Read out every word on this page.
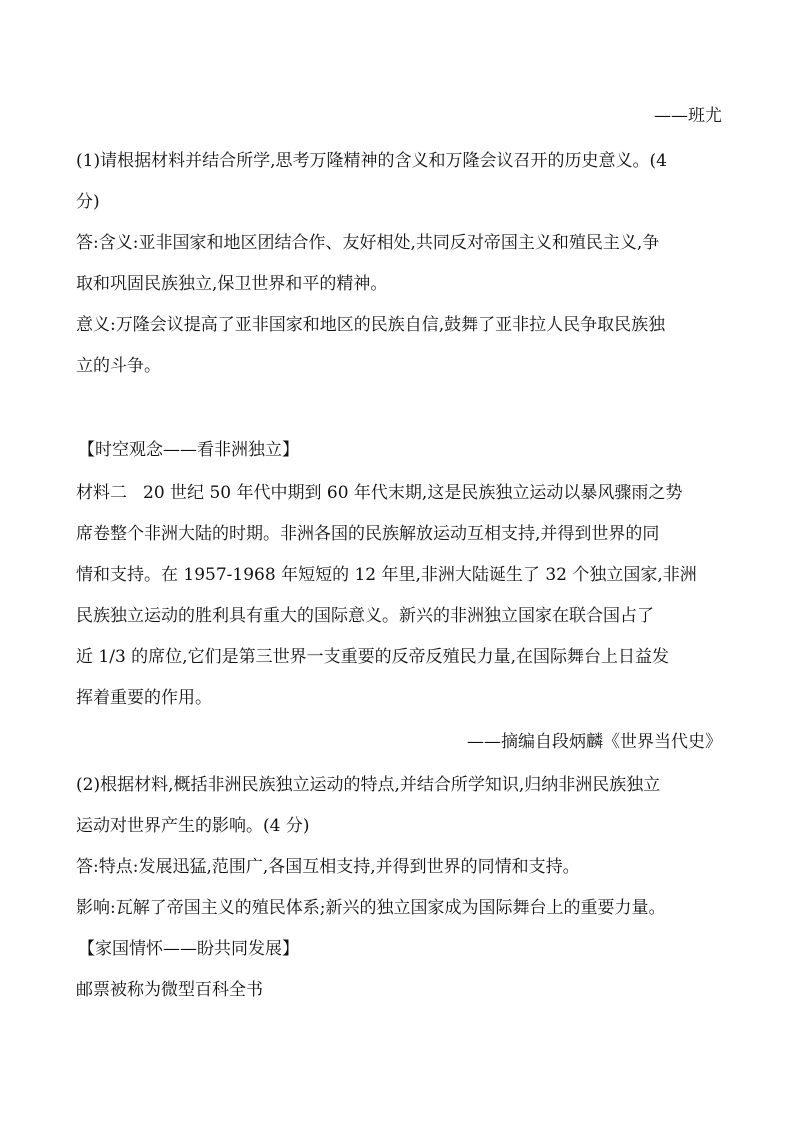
——班尤
(1)请根据材料并结合所学,思考万隆精神的含义和万隆会议召开的历史意义。(4
分)
答:含义:亚非国家和地区团结合作、友好相处,共同反对帝国主义和殖民主义,争
取和巩固民族独立,保卫世界和平的精神。
意义:万隆会议提高了亚非国家和地区的民族自信,鼓舞了亚非拉人民争取民族独
立的斗争。
【时空观念——看非洲独立】
材料二 20 世纪 50 年代中期到 60 年代末期,这是民族独立运动以暴风骤雨之势
席卷整个非洲大陆的时期。非洲各国的民族解放运动互相支持,并得到世界的同
情和支持。在 1957-1968 年短短的 12 年里,非洲大陆诞生了 32 个独立国家,非洲
民族独立运动的胜利具有重大的国际意义。新兴的非洲独立国家在联合国占了
近 1/3 的席位,它们是第三世界一支重要的反帝反殖民力量,在国际舞台上日益发
挥着重要的作用。
——摘编自段炳麟《世界当代史》
(2)根据材料,概括非洲民族独立运动的特点,并结合所学知识,归纳非洲民族独立
运动对世界产生的影响。(4 分)
答:特点:发展迅猛,范围广,各国互相支持,并得到世界的同情和支持。
影响:瓦解了帝国主义的殖民体系;新兴的独立国家成为国际舞台上的重要力量。
【家国情怀——盼共同发展】
邮票被称为微型百科全书
